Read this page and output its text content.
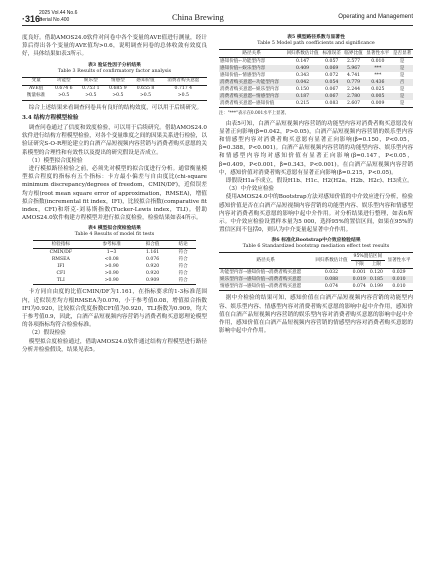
·316·
2025 Vol.44 No.6
Serial No.400	China Brewing	Operating and Management

度良好。借助AMOS24.0软件对问卷中各个变量的AVE值进行测量，经计算后得出各个变量的AVE值均>0.6，说明调查问卷的总体收敛有效度良好，具体结果如表3所示。

表3 验证性因子分析结果
Table 3 Results of confirmatory factor analysis
变量	功能型	娱乐型	情感型	感知价值	消费者购买意愿
AVE值	0.674 6	0.753 1	0.685 9	0.655 8	0.717 4
衡量标准	>0.5	>0.5	>0.5	>0.5	>0.5

综合上述结果来看调查问卷具有良好的结构效度，可以用于后续研究。

3.4 结构方程模型检验

调查问卷通过了信度和效度检验，可以用于后续研究。借助AMOS24.0软件进行结构方程模型检验，对各个变量维度之间的因果关系进行检验，以验证研究S-O-R理论建立的白酒产品短视频内容营销与消费者购买意愿的关系模型的合理性和有效性以及提出的研究假设是否成立。

（1）模型拟合度检验

进行模拟路径检验之前，必须先对模型的拟合度进行分析。通常衡量模型拟合程度的指标有五个指标：卡方最小偏差与自由度比(chi-square minimum discrepancy/degrees of freedom，CMIN/DF)，近似误差均方根(root mean square error of approximation，RMSEA)，增值拟合指数(incremental fit index，IFI)，比较拟合指数(comparative fit index，CFI)和塔克-刘易斯指数(Tucker-Lewis index，TLI)。借助AMOS24.0软件构建方程模型并进行拟合度检验，检验结果如表4所示。

表4 模型拟合度检验结果
Table 4 Results of model fit tests
检验指标	参考标准	拟合值	结论
CMIN/DF	1~3	1.161	符合
RMSEA	<0.08	0.076	符合
IFI	>0.90	0.920	符合
CFI	>0.90	0.920	符合
TLI	>0.90	0.909	符合

卡方同自由度的比值CMIN/DF为1.161，在指标要求的1-3标准范围内，近似误差均方根RMSEA为0.076，小于参考值0.08，增值拟合指数IFI为0.920，比较拟合优度指数CFI值为0.920，TLI指数为0.909，均大于参考值0.9，因此，白酒产品短视频内容营销与消费者购买意愿理论模型的各项指标均符合检验标准。

（2）假设检验

模型拟合度检验通过，借助AMOS24.0软件通过结构方程模型进行路径分析并检验假设，结果见表5。

表5 模型路径系数与显著性
Table 5 Model path coefficients and significance
路径关系	回归系数估计值	标准误差	临界比值	显著性水平	是否显著
感知价值←功能型内容	0.147	0.057	2.577	0.010	是
感知价值←娱乐型内容	0.409	0.069	5.967	***	是
感知价值←情感型内容	0.343	0.072	4.741	***	是
消费者购买意愿←功能型内容	0.042	0.054	0.779	0.436	否
消费者购买意愿←娱乐型内容	0.150	0.067	2.244	0.025	是
消费者购买意愿←情感型内容	0.187	0.067	2.780	0.005	是
消费者购买意愿←感知价值	0.215	0.083	2.607	0.009	是
注："***"表示在0.001水平上显著。

由表5可知，白酒产品短视频内容营销的功能型内容对消费者购买意愿没有显著正向影响(β=0.042，P>0.05)，白酒产品短视频内容营销的娱乐型内容和情感型内容对消费者购买意愿有显著正向影响(β=0.150，P<0.05，β=0.388，P<0.001)。白酒产品短视频内容营销的功能型内容、娱乐型内容和情感型内容均对感知价值有显著正向影响(β=0.147，P<0.05，β=0.409，P<0.001，β=0.343，P<0.001)。在白酒产品短视频内容营销中，感知价值对消费者购买意愿有显著正向影响(β=0.215，P<0.05)。

即假设H1a不成立，假设H1b、H1c、H2(H2a、H2b、H2c)、H3成立。

（3）中介效应检验

使用AMOS24.0中的Bootstrap方法对感知价值的中介效应进行分析，检验感知价值是否在白酒产品短视频内容营销的功能型内容、娱乐型内容和情感型内容对消费者购买意愿的影响中起中介作用。对分析结果进行整理，如表6所示。中介效应检验设置样本量为5 000，选择95%的置信区间，如果在95%的置信区间不包括0，则认为中介变量起显著中介作用。

表6 标准化Bootstrap中介效应检验结果
Table 6 Standardized bootstrap mediation effect test results
路径关系	回归系数估计值	95%置信区间		显著性水平
		下限	上限	
功能型内容→感知价值→消费者购买意愿	0.032	0.001	0.120	0.029
娱乐型内容→感知价值→消费者购买意愿	0.088	0.019	0.185	0.010
情感型内容→感知价值→消费者购买意愿	0.074	0.074	0.199	0.010

据中介检验的结果可知，感知价值在白酒产品短视频内容营销的功能型内容、娱乐型内容、情感型内容对消费者购买意愿的影响中起中介作用，感知价值在白酒产品短视频内容营销的娱乐型内容对消费者购买意愿的影响中起中介作用，感知价值在白酒产品短视频内容营销的情感型内容对消费者购买意愿的影响中起中介作用。
